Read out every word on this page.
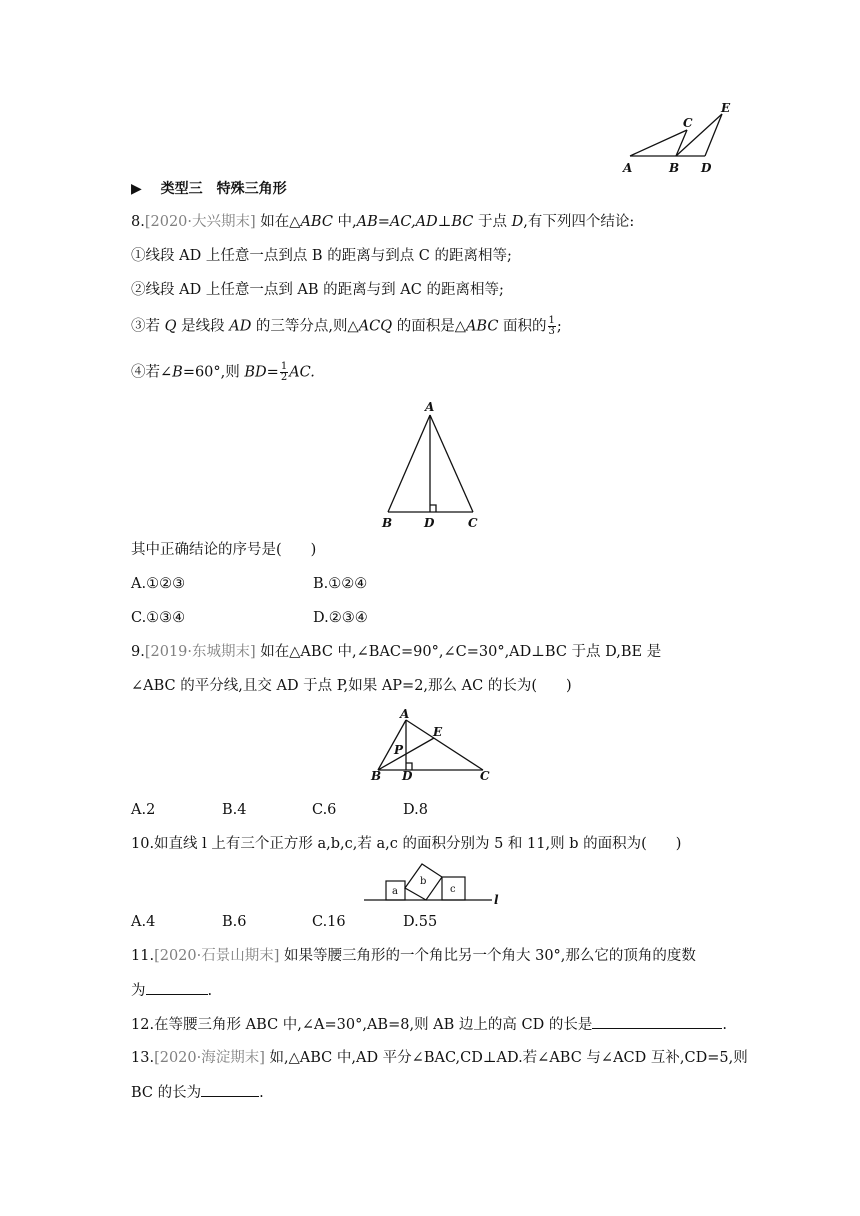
A
C
B D
E
▶ 类型三　特殊三角形
8.[2020·大兴期末] 如在△ABC 中,AB=AC,AD⊥BC 于点 D,有下列四个结论:
①线段 AD 上任意一点到点 B 的距离与到点 C 的距离相等;
②线段 AD 上任意一点到 AB 的距离与到 AC 的距离相等;
③若 Q 是线段 AD 的三等分点,则△ACQ 的面积是△ABC 面积的 $\frac{1}{3}$ ;
④若∠B=60°,则 $BD= \frac{1}{2}$ AC.
A
B	D	C
其中正确结论的序号是(　　)
A.①②③	B.①②④
C.①③④	D.②③④
9.[2019·东城期末] 如在△ABC 中,∠BAC=90°,∠C=30°,AD⊥BC 于点 D,BE 是
∠ABC 的平分线,且交 AD 于点 P,如果 AP=2,那么 AC 的长为(　　)
A
E
P
B D	C
A.2	B.4	C.6	D.8
10.如直线 l 上有三个正方形 a,b,c,若 a,c 的面积分别为 5 和 11,则 b 的面积为(　　)
a
b
c
l
A.4	B.6	C.16	D.55
11.[2020·石景山期末] 如果等腰三角形的一个角比另一个角大 30°,那么它的顶角的度数
为	.
12.在等腰三角形 ABC 中,∠A=30°,AB=8,则 AB 边上的高 CD 的长是	.
13.[2020·海淀期末] 如,△ABC 中,AD 平分∠BAC,CD⊥AD.若∠ABC 与∠ACD 互补,CD=5,则
BC 的长为	.
